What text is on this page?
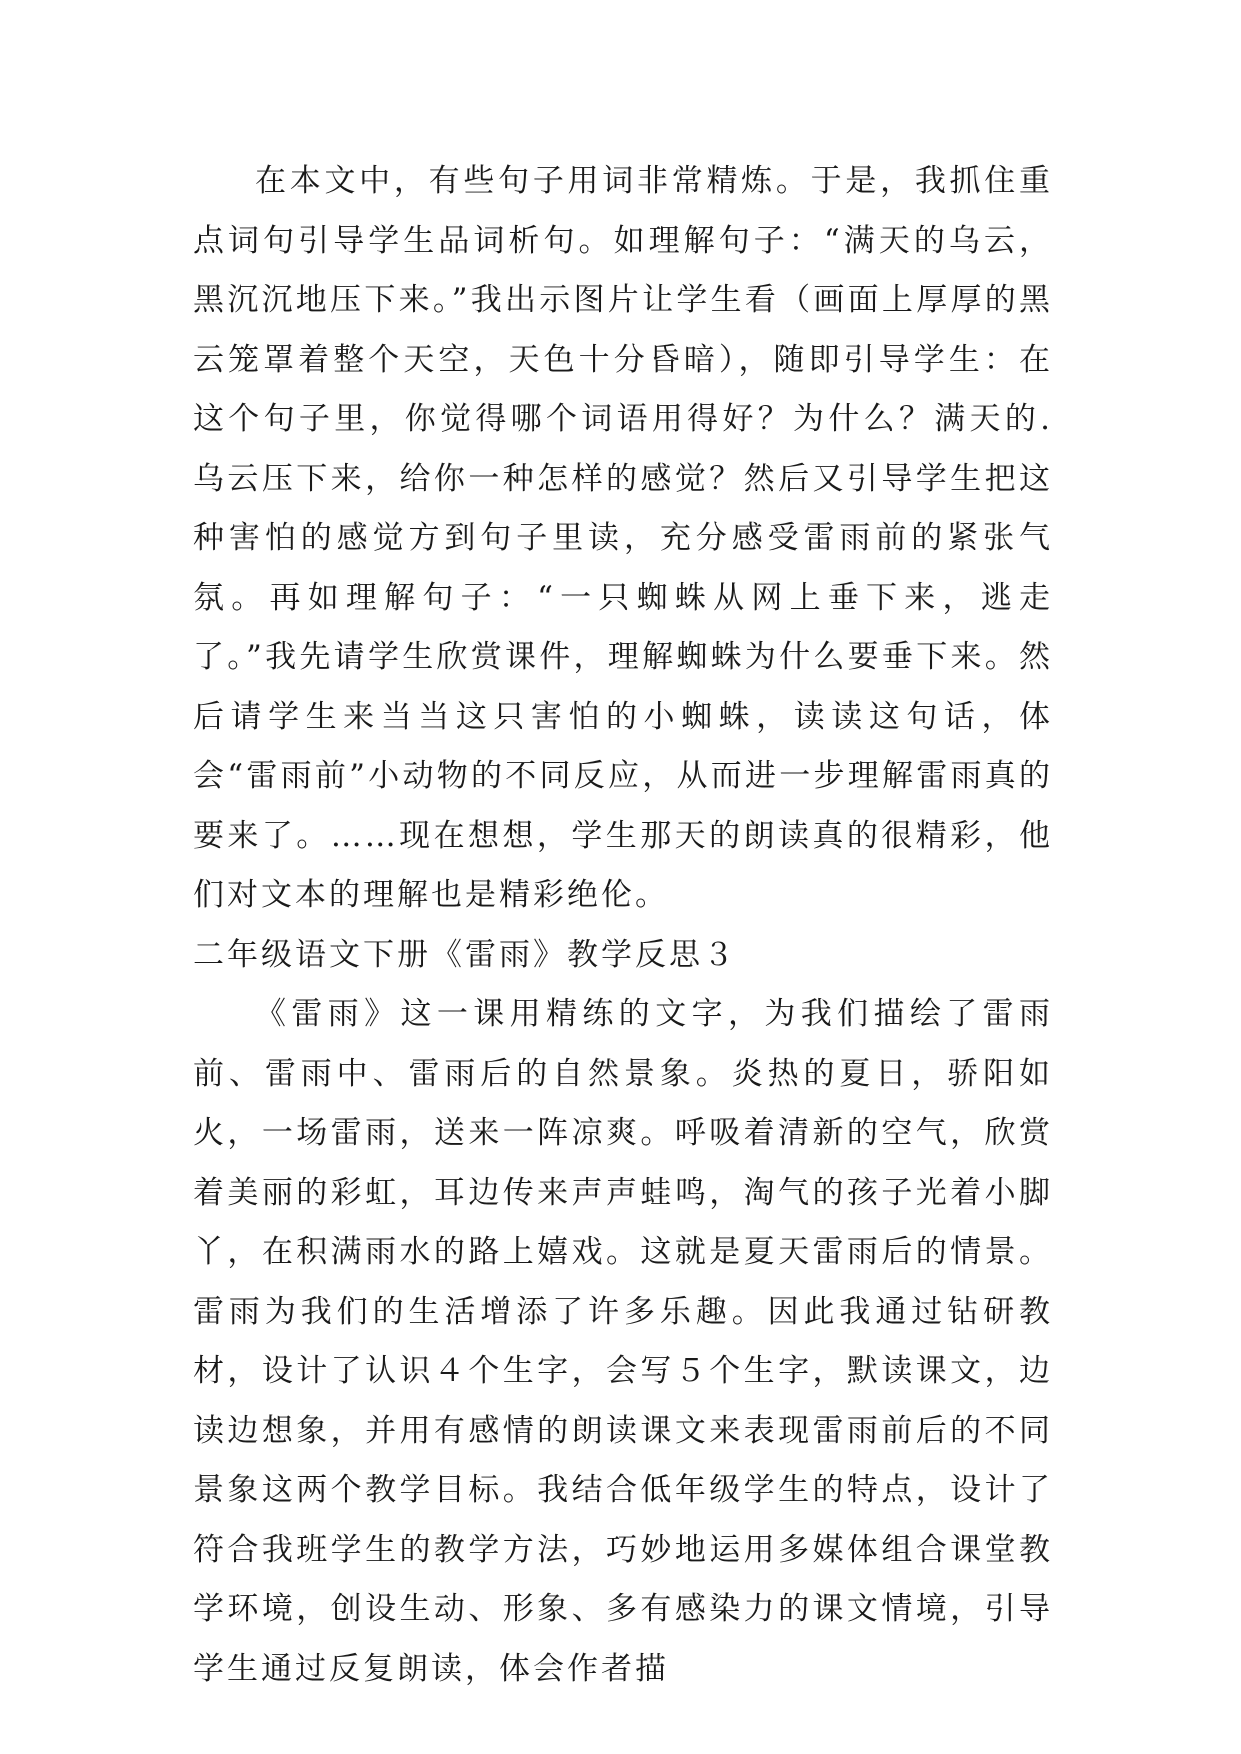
在本文中，有些句子用词非常精炼。于是，我抓住重点词句引导学生品词析句。如理解句子：“满天的乌云，黑沉沉地压下来。”我出示图片让学生看（画面上厚厚的黑云笼罩着整个天空，天色十分昏暗），随即引导学生：在这个句子里，你觉得哪个词语用得好？为什么？满天的.乌云压下来，给你一种怎样的感觉？然后又引导学生把这种害怕的感觉方到句子里读，充分感受雷雨前的紧张气氛。再如理解句子：“一只蜘蛛从网上垂下来，逃走了。”我先请学生欣赏课件，理解蜘蛛为什么要垂下来。然后请学生来当当这只害怕的小蜘蛛，读读这句话，体会“雷雨前”小动物的不同反应，从而进一步理解雷雨真的要来了。……现在想想，学生那天的朗读真的很精彩，他们对文本的理解也是精彩绝伦。

二年级语文下册《雷雨》教学反思３

《雷雨》这一课用精练的文字，为我们描绘了雷雨前、雷雨中、雷雨后的自然景象。炎热的夏日，骄阳如火，一场雷雨，送来一阵凉爽。呼吸着清新的空气，欣赏着美丽的彩虹，耳边传来声声蛙鸣，淘气的孩子光着小脚丫，在积满雨水的路上嬉戏。这就是夏天雷雨后的情景。雷雨为我们的生活增添了许多乐趣。因此我通过钻研教材，设计了认识４个生字，会写５个生字，默读课文，边读边想象，并用有感情的朗读课文来表现雷雨前后的不同景象这两个教学目标。我结合低年级学生的特点，设计了符合我班学生的教学方法，巧妙地运用多媒体组合课堂教学环境，创设生动、形象、多有感染力的课文情境，引导学生通过反复朗读，体会作者描
